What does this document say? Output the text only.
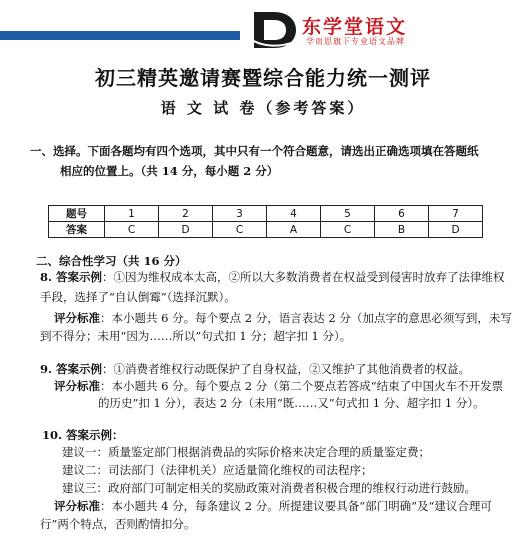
东学堂语文
学而思旗下专业语文品牌
初三精英邀请赛暨综合能力统一测评
语 文 试 卷（参考答案）
一、选择。下面各题均有四个选项，其中只有一个符合题意，请选出正确选项填在答题纸
相应的位置上。（共 14 分，每小题 2 分）
题号	1	2	3	4	5	6	7
答案	C	D	C	A	C	B	D
二、综合性学习（共 16 分）
8. 答案示例：①因为维权成本太高，②所以大多数消费者在权益受到侵害时放弃了法律维权
手段，选择了“自认倒霉”（选择沉默）。
评分标准：本小题共 6 分。每个要点 2 分，语言表达 2 分（加点字的意思必须写到，未写
到不得分；未用“因为……所以”句式扣 1 分；超字扣 1 分）。
9. 答案示例：①消费者维权行动既保护了自身权益，②又维护了其他消费者的权益。
评分标准：本小题共 6 分。每个要点 2 分（第二个要点若答成“结束了中国火车不开发票
的历史”扣 1 分），表达 2 分（未用“既……又”句式扣 1 分、超字扣 1 分）。
10. 答案示例：
建议一：质量鉴定部门根据消费品的实际价格来决定合理的质量鉴定费；
建议二：司法部门（法律机关）应适量简化维权的司法程序；
建议三：政府部门可制定相关的奖励政策对消费者积极合理的维权行动进行鼓励。
评分标准：本小题共 4 分，每条建议 2 分。所提建议要具备“部门明确”及“建议合理可
行”两个特点，否则酌情扣分。
